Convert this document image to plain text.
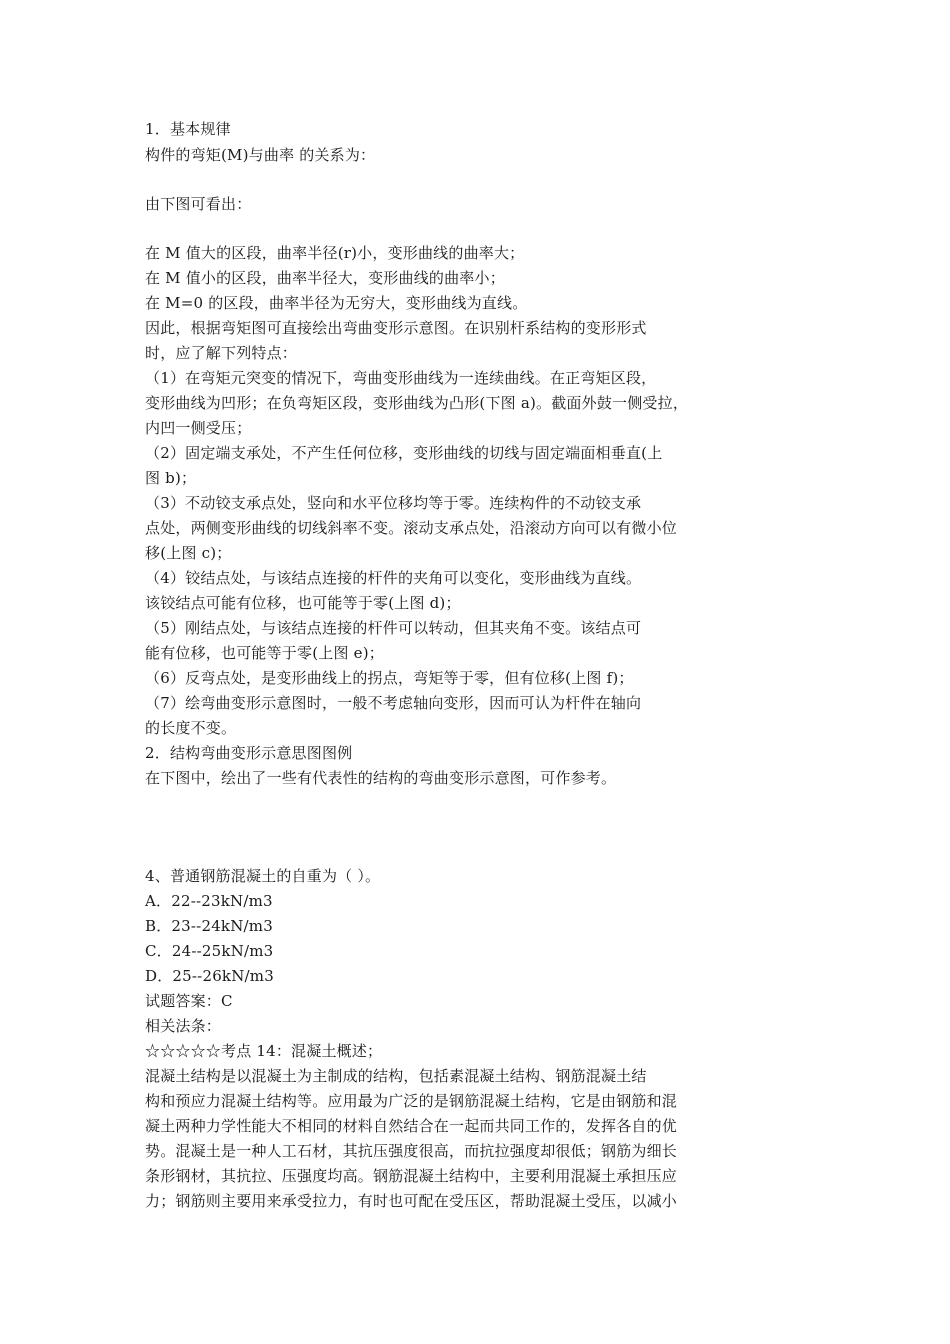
1．基本规律
构件的弯矩(M)与曲率 的关系为：
由下图可看出：
在 M 值大的区段，曲率半径(r)小，变形曲线的曲率大；
在 M 值小的区段，曲率半径大，变形曲线的曲率小；
在 M=0 的区段，曲率半径为无穷大，变形曲线为直线。
因此，根据弯矩图可直接绘出弯曲变形示意图。在识别杆系结构的变形形式
时，应了解下列特点：
（1）在弯矩元突变的情况下，弯曲变形曲线为一连续曲线。在正弯矩区段，
变形曲线为凹形；在负弯矩区段，变形曲线为凸形(下图 a)。截面外鼓一侧受拉，
内凹一侧受压；
（2）固定端支承处，不产生任何位移，变形曲线的切线与固定端面相垂直(上
图 b)；
（3）不动铰支承点处，竖向和水平位移均等于零。连续构件的不动铰支承
点处，两侧变形曲线的切线斜率不变。滚动支承点处，沿滚动方向可以有微小位
移(上图 c)；
（4）铰结点处，与该结点连接的杆件的夹角可以变化，变形曲线为直线。
该铰结点可能有位移，也可能等于零(上图 d)；
（5）刚结点处，与该结点连接的杆件可以转动，但其夹角不变。该结点可
能有位移，也可能等于零(上图 e)；
（6）反弯点处，是变形曲线上的拐点，弯矩等于零，但有位移(上图 f)；
（7）绘弯曲变形示意图时，一般不考虑轴向变形，因而可认为杆件在轴向
的长度不变。
2．结构弯曲变形示意思图图例
在下图中，绘出了一些有代表性的结构的弯曲变形示意图，可作参考。
4、普通钢筋混凝土的自重为（ ）。
A．22--23kN/m3
B．23--24kN/m3
C．24--25kN/m3
D．25--26kN/m3
试题答案：C
相关法条：
☆☆☆☆☆考点 14：混凝土概述；
混凝土结构是以混凝土为主制成的结构，包括素混凝土结构、钢筋混凝土结
构和预应力混凝土结构等。应用最为广泛的是钢筋混凝土结构，它是由钢筋和混
凝土两种力学性能大不相同的材料自然结合在一起而共同工作的，发挥各自的优
势。混凝土是一种人工石材，其抗压强度很高，而抗拉强度却很低；钢筋为细长
条形钢材，其抗拉、压强度均高。钢筋混凝土结构中，主要利用混凝土承担压应
力；钢筋则主要用来承受拉力，有时也可配在受压区，帮助混凝土受压，以减小
